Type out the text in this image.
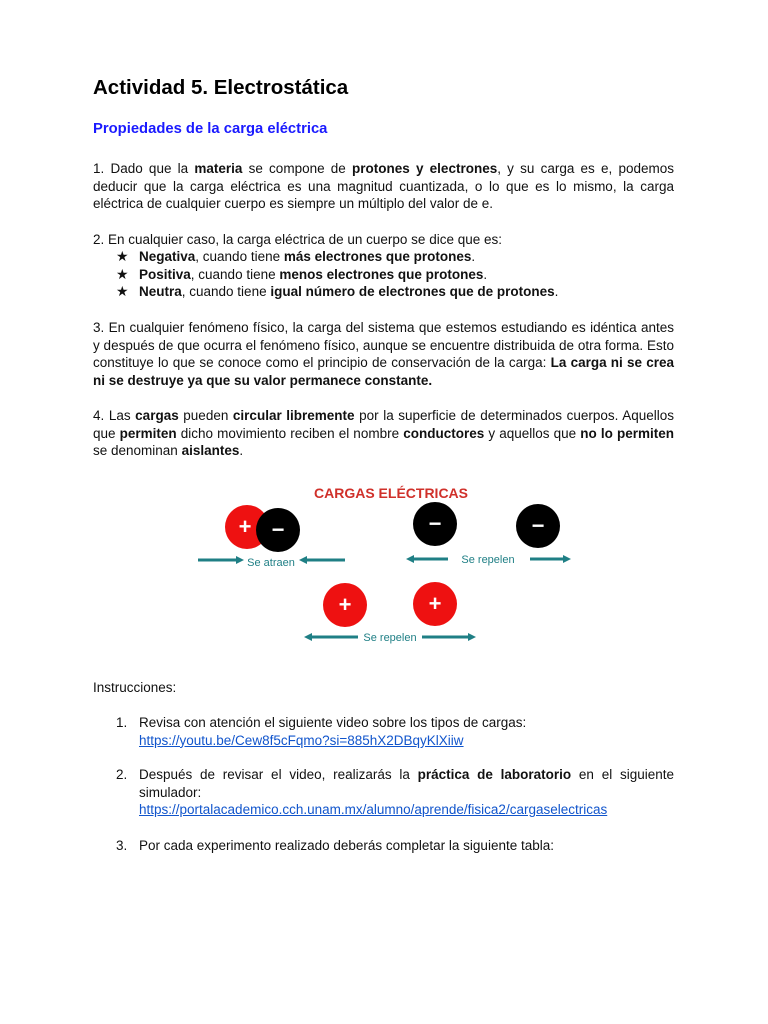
Actividad 5. Electrostática
Propiedades de la carga eléctrica

1. Dado que la materia se compone de protones y electrones, y su carga es e, podemos deducir que la carga eléctrica es una magnitud cuantizada, o lo que es lo mismo, la carga eléctrica de cualquier cuerpo es siempre un múltiplo del valor de e.

2. En cualquier caso, la carga eléctrica de un cuerpo se dice que es:

★ Negativa, cuando tiene más electrones que protones.
★ Positiva, cuando tiene menos electrones que protones.
★ Neutra, cuando tiene igual número de electrones que de protones.

3. En cualquier fenómeno físico, la carga del sistema que estemos estudiando es idéntica antes y después de que ocurra el fenómeno físico, aunque se encuentre distribuida de otra forma. Esto constituye lo que se conoce como el principio de conservación de la carga: La carga ni se crea ni se destruye ya que su valor permanece constante.

4. Las cargas pueden circular libremente por la superficie de determinados cuerpos. Aquellos que permiten dicho movimiento reciben el nombre conductores y aquellos que no lo permiten se denominan aislantes.

CARGAS ELÉCTRICAS
+ −
Se atraen
−	−
Se repelen
+	+
Se repelen

Instrucciones:

1. Revisa con atención el siguiente video sobre los tipos de cargas:
https://youtu.be/Cew8f5cFqmo?si=885hX2DBqyKlXiiw
2. Después de revisar el video, realizarás la práctica de laboratorio en el siguiente simulador:

https://portalacademico.cch.unam.mx/alumno/aprende/fisica2/cargaselectricas
3. Por cada experimento realizado deberás completar la siguiente tabla:
